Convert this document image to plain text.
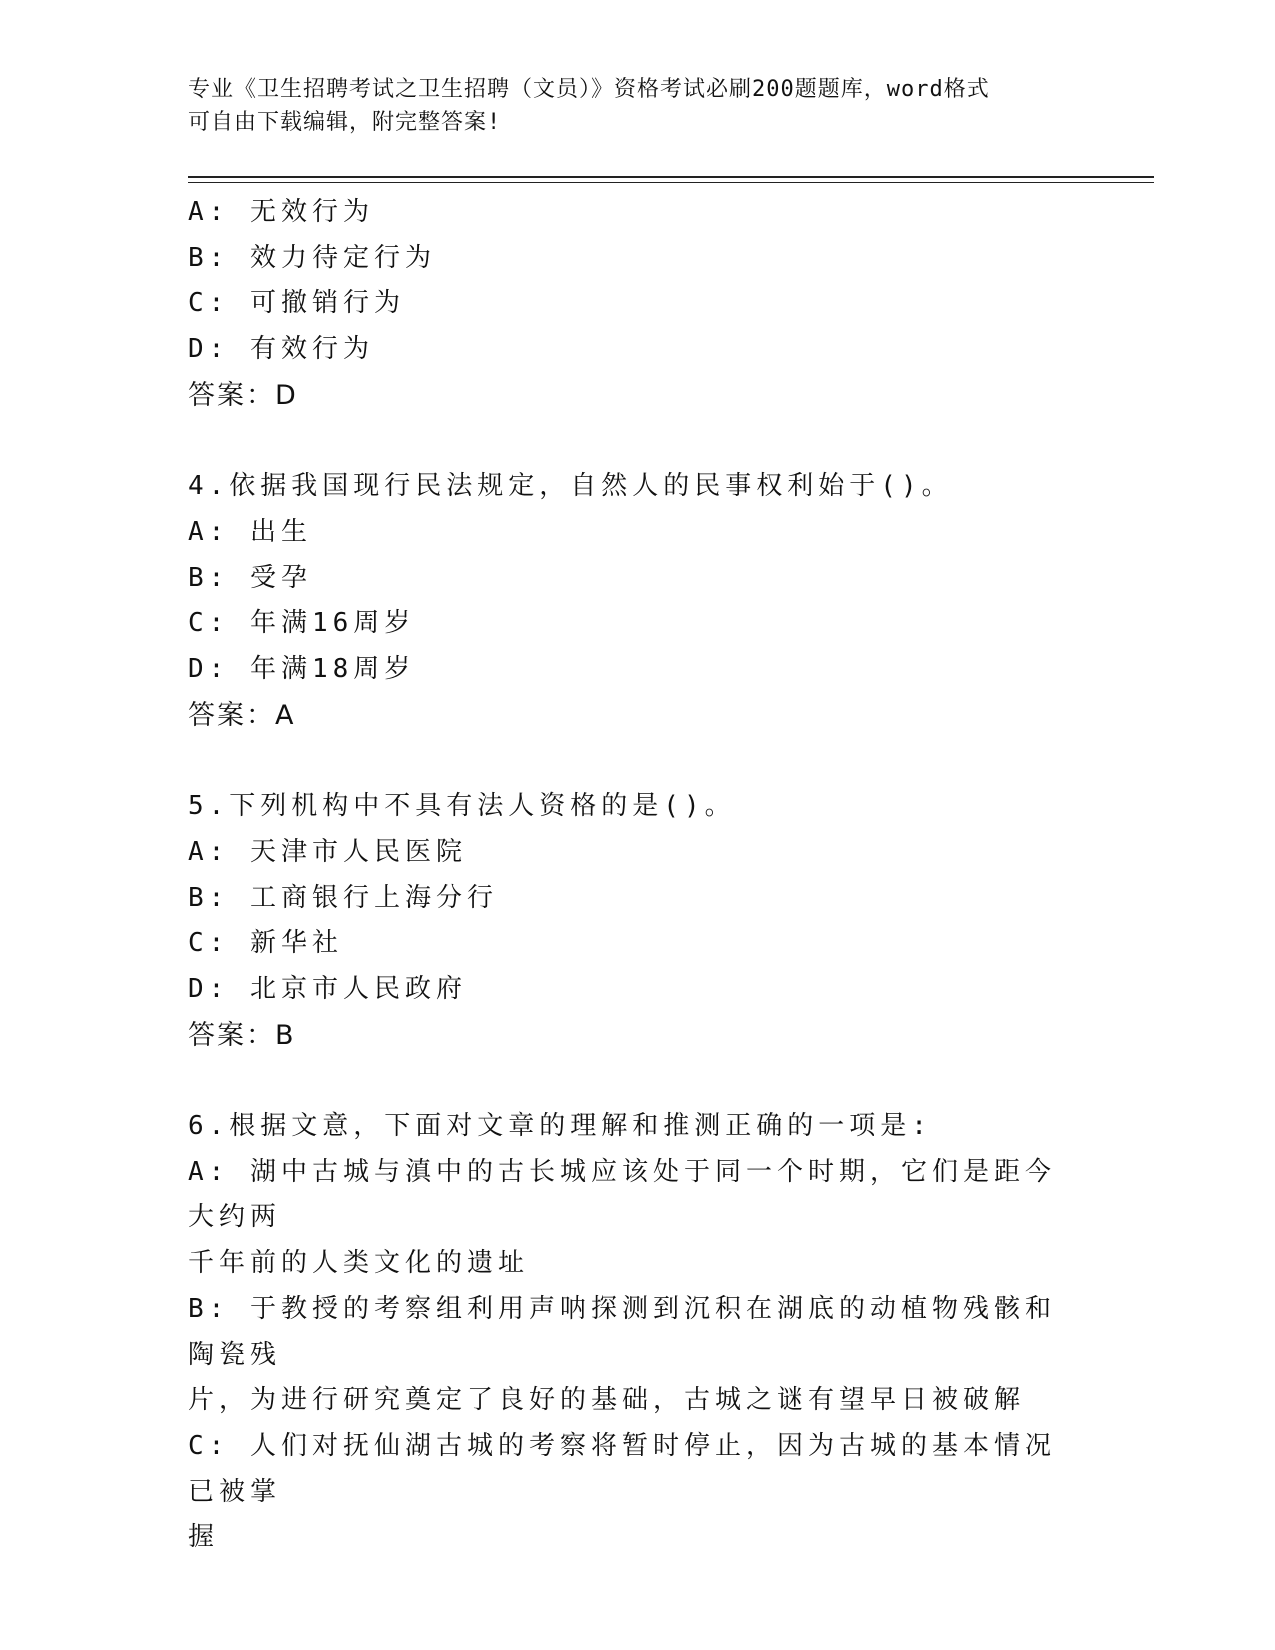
专业《卫生招聘考试之卫生招聘（文员）》资格考试必刷200题题库，word格式
可自由下载编辑，附完整答案!
A: 无效行为
B: 效力待定行为
C: 可撤销行为
D: 有效行为
答案：D
4.依据我国现行民法规定，自然人的民事权利始于()。
A: 出生
B: 受孕
C: 年满16周岁
D: 年满18周岁
答案：A
5.下列机构中不具有法人资格的是()。
A: 天津市人民医院
B: 工商银行上海分行
C: 新华社
D: 北京市人民政府
答案：B
6.根据文意，下面对文章的理解和推测正确的一项是:
A: 湖中古城与滇中的古长城应该处于同一个时期，它们是距今大约两
千年前的人类文化的遗址
B: 于教授的考察组利用声呐探测到沉积在湖底的动植物残骸和陶瓷残
片，为进行研究奠定了良好的基础，古城之谜有望早日被破解
C: 人们对抚仙湖古城的考察将暂时停止，因为古城的基本情况已被掌
握
